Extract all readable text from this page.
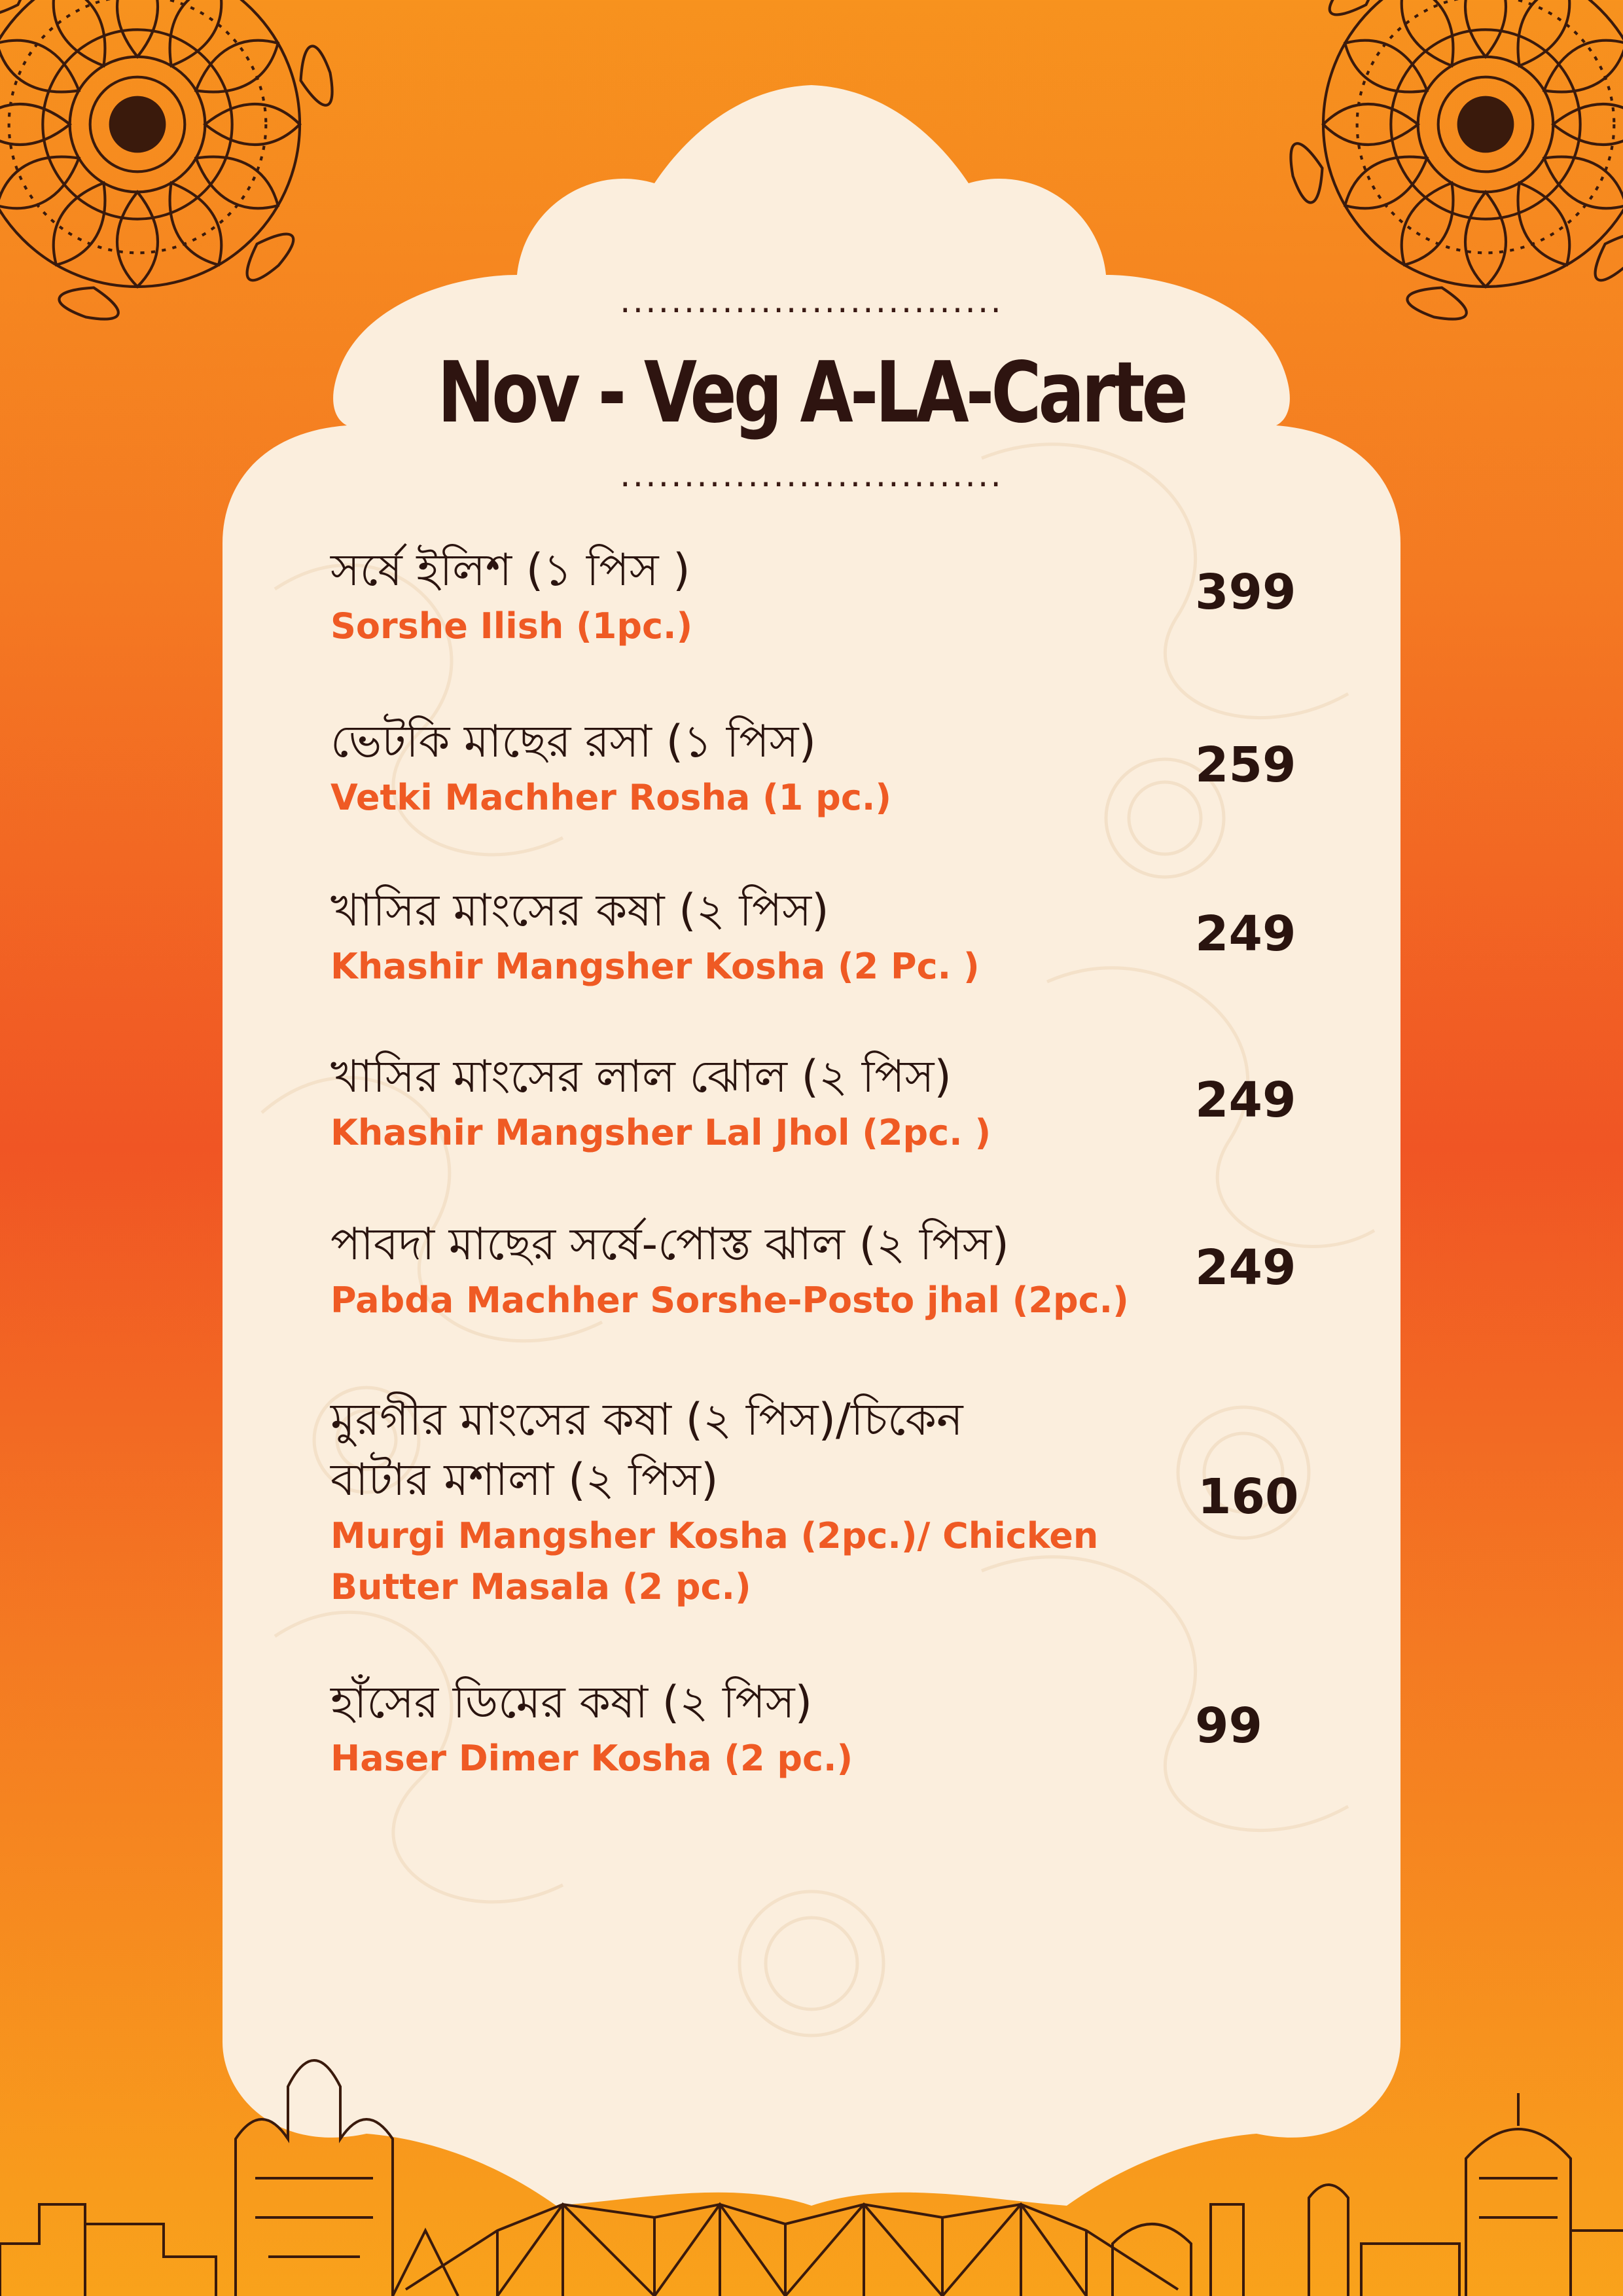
..............................
Nov - Veg A-LA-Carte
..............................
সর্ষে ইলিশ (১ পিস )
Sorshe Ilish (1pc.)
399
ভেটকি মাছের রসা (১ পিস)
Vetki Machher Rosha (1 pc.)
259
খাসির মাংসের কষা (২ পিস)
Khashir Mangsher Kosha (2 Pc. )
249
খাসির মাংসের লাল ঝোল (২ পিস)
Khashir Mangsher Lal Jhol (2pc. )
249
পাবদা মাছের সর্ষে-পোস্ত ঝাল (২ পিস)
Pabda Machher Sorshe-Posto jhal (2pc.)
249
মুরগীর মাংসের কষা (২ পিস)/চিকেন
বাটার মশালা (২ পিস)
Murgi Mangsher Kosha (2pc.)/ Chicken
Butter Masala (2 pc.)
160
হাঁসের ডিমের কষা (২ পিস)
Haser Dimer Kosha (2 pc.)
99
